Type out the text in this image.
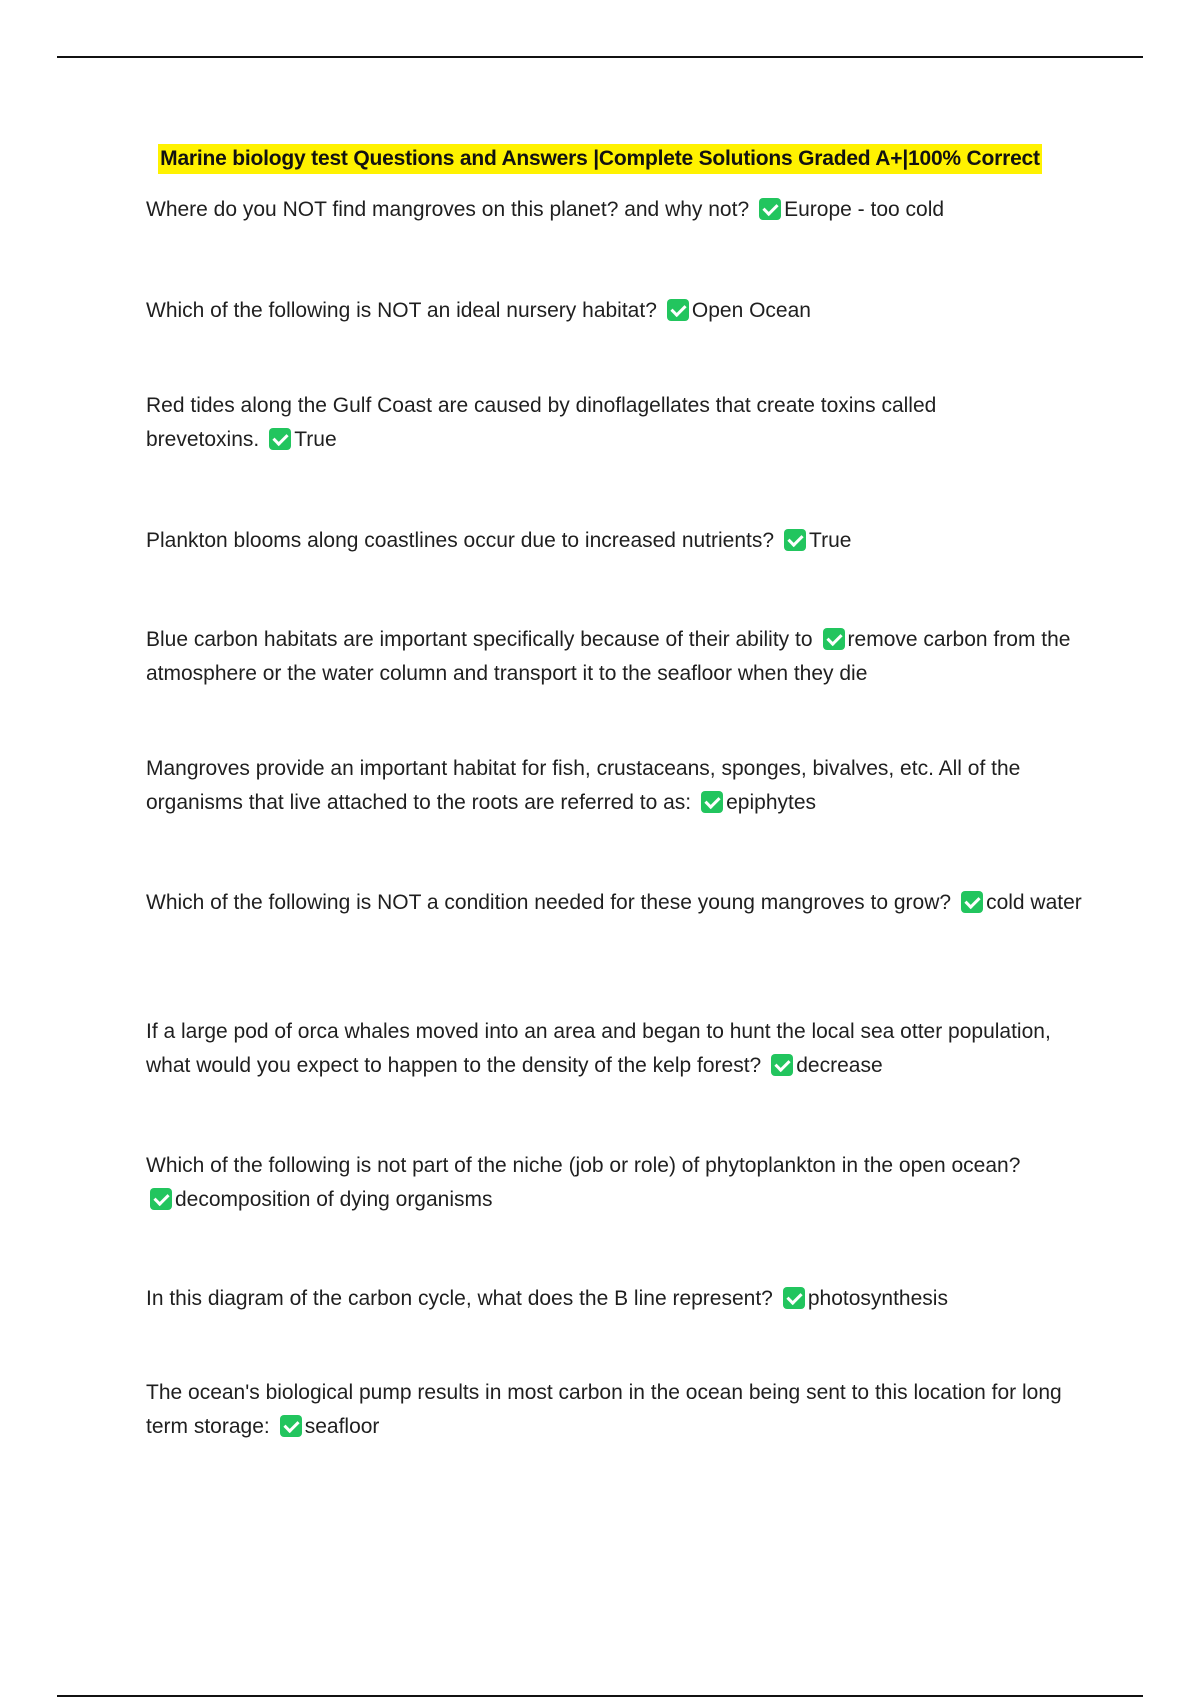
Marine biology test Questions and Answers |Complete Solutions Graded A+|100% Correct

Where do you NOT find mangroves on this planet? and why not? Europe - too cold

Which of the following is NOT an ideal nursery habitat? Open Ocean

Red tides along the Gulf Coast are caused by dinoflagellates that create toxins called brevetoxins. True

Plankton blooms along coastlines occur due to increased nutrients? True

Blue carbon habitats are important specifically because of their ability to remove carbon from the atmosphere or the water column and transport it to the seafloor when they die

Mangroves provide an important habitat for fish, crustaceans, sponges, bivalves, etc. All of the organisms that live attached to the roots are referred to as: epiphytes

Which of the following is NOT a condition needed for these young mangroves to grow? cold water

If a large pod of orca whales moved into an area and began to hunt the local sea otter population, what would you expect to happen to the density of the kelp forest? decrease

Which of the following is not part of the niche (job or role) of phytoplankton in the open ocean?
decomposition of dying organisms

In this diagram of the carbon cycle, what does the B line represent? photosynthesis

The ocean's biological pump results in most carbon in the ocean being sent to this location for long term storage: seafloor
